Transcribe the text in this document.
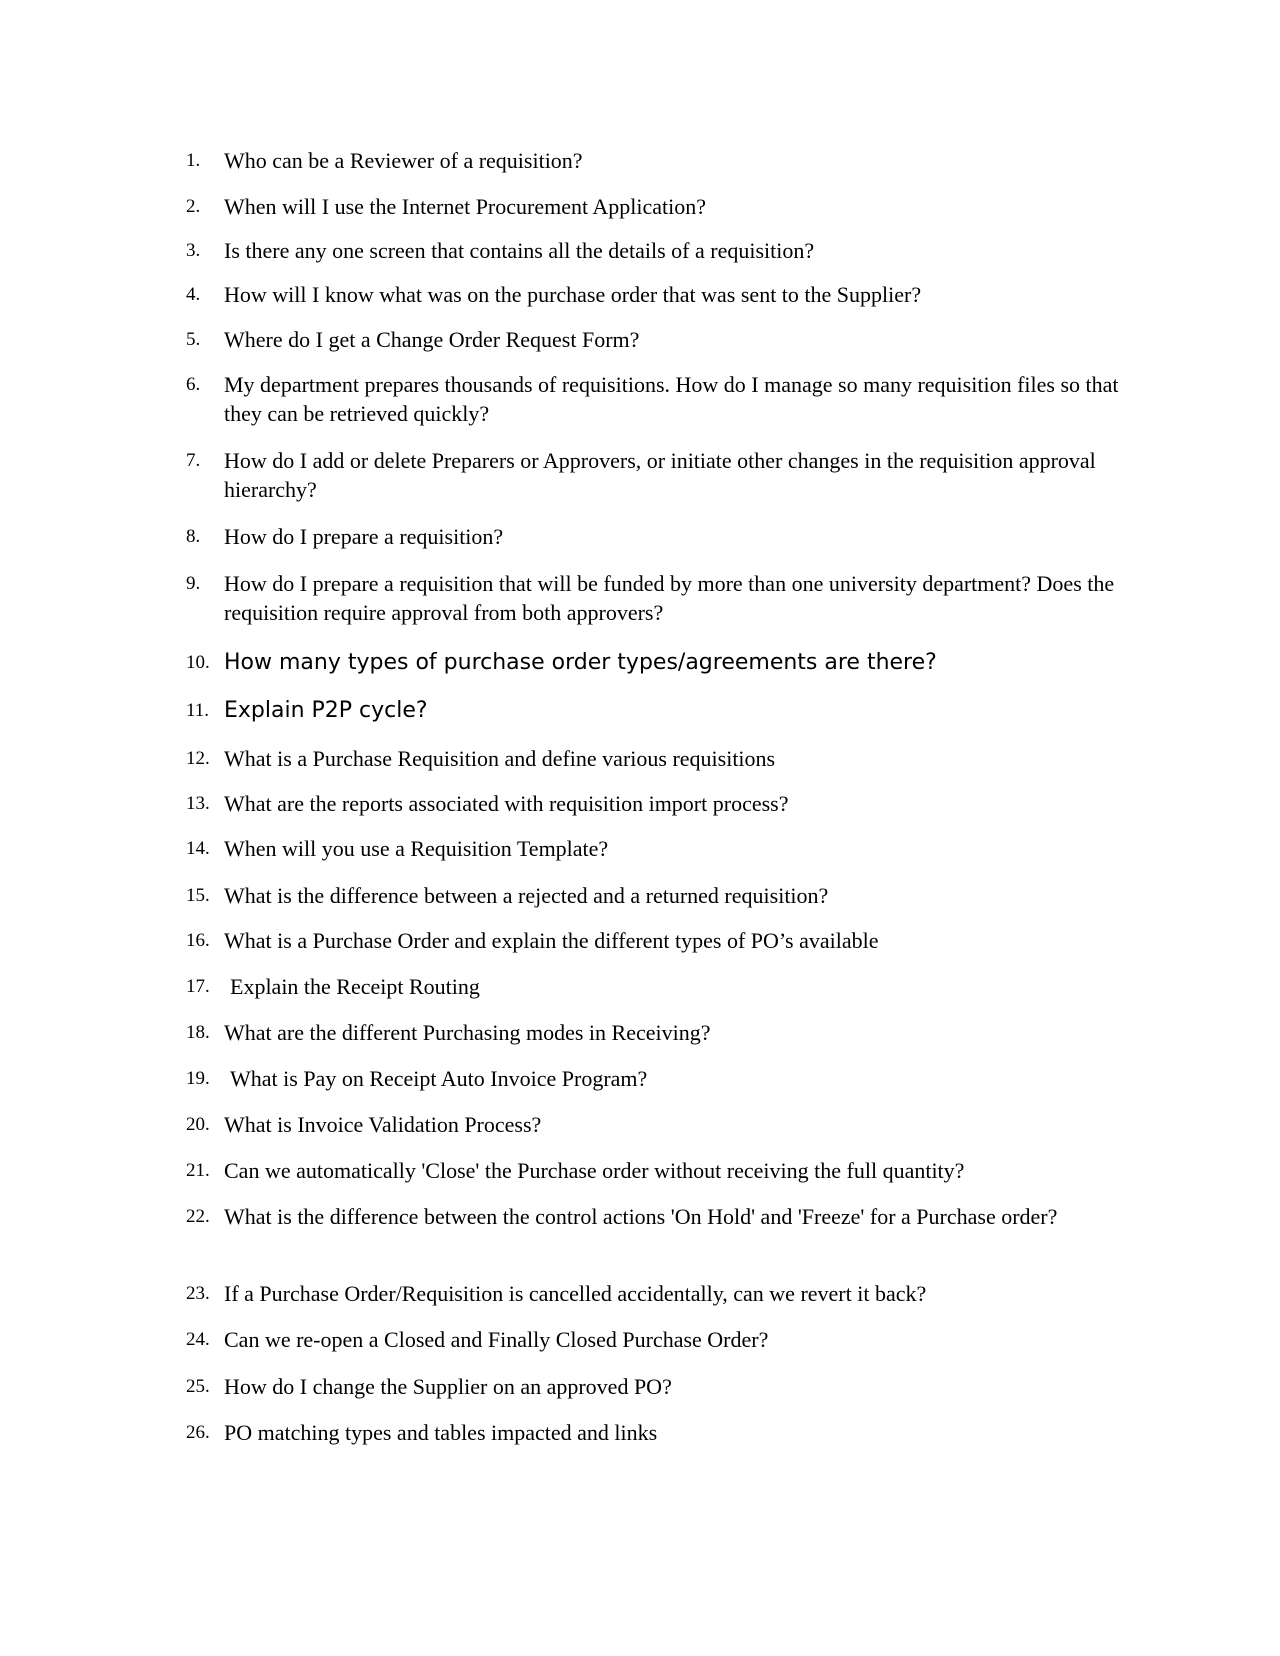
1.	Who can be a Reviewer of a requisition?
2.	When will I use the Internet Procurement Application?
3.	Is there any one screen that contains all the details of a requisition?
4.	How will I know what was on the purchase order that was sent to the Supplier?
5.	Where do I get a Change Order Request Form?
6.	My department prepares thousands of requisitions. How do I manage so many requisition files so that they can be retrieved quickly?
7.	How do I add or delete Preparers or Approvers, or initiate other changes in the requisition approval hierarchy?
8.	How do I prepare a requisition?
9.	How do I prepare a requisition that will be funded by more than one university department? Does the requisition require approval from both approvers?
10. How many types of purchase order types/agreements are there?
11. Explain P2P cycle?
12. What is a Purchase Requisition and define various requisitions
13. What are the reports associated with requisition import process?
14. When will you use a Requisition Template?
15. What is the difference between a rejected and a returned requisition?
16. What is a Purchase Order and explain the different types of PO’s available
17. Explain the Receipt Routing
18. What are the different Purchasing modes in Receiving?
19. What is Pay on Receipt Auto Invoice Program?
20. What is Invoice Validation Process?
21. Can we automatically 'Close' the Purchase order without receiving the full quantity?
22. What is the difference between the control actions 'On Hold' and 'Freeze' for a Purchase order?
23. If a Purchase Order/Requisition is cancelled accidentally, can we revert it back?
24. Can we re-open a Closed and Finally Closed Purchase Order?
25. How do I change the Supplier on an approved PO?
26. PO matching types and tables impacted and links
